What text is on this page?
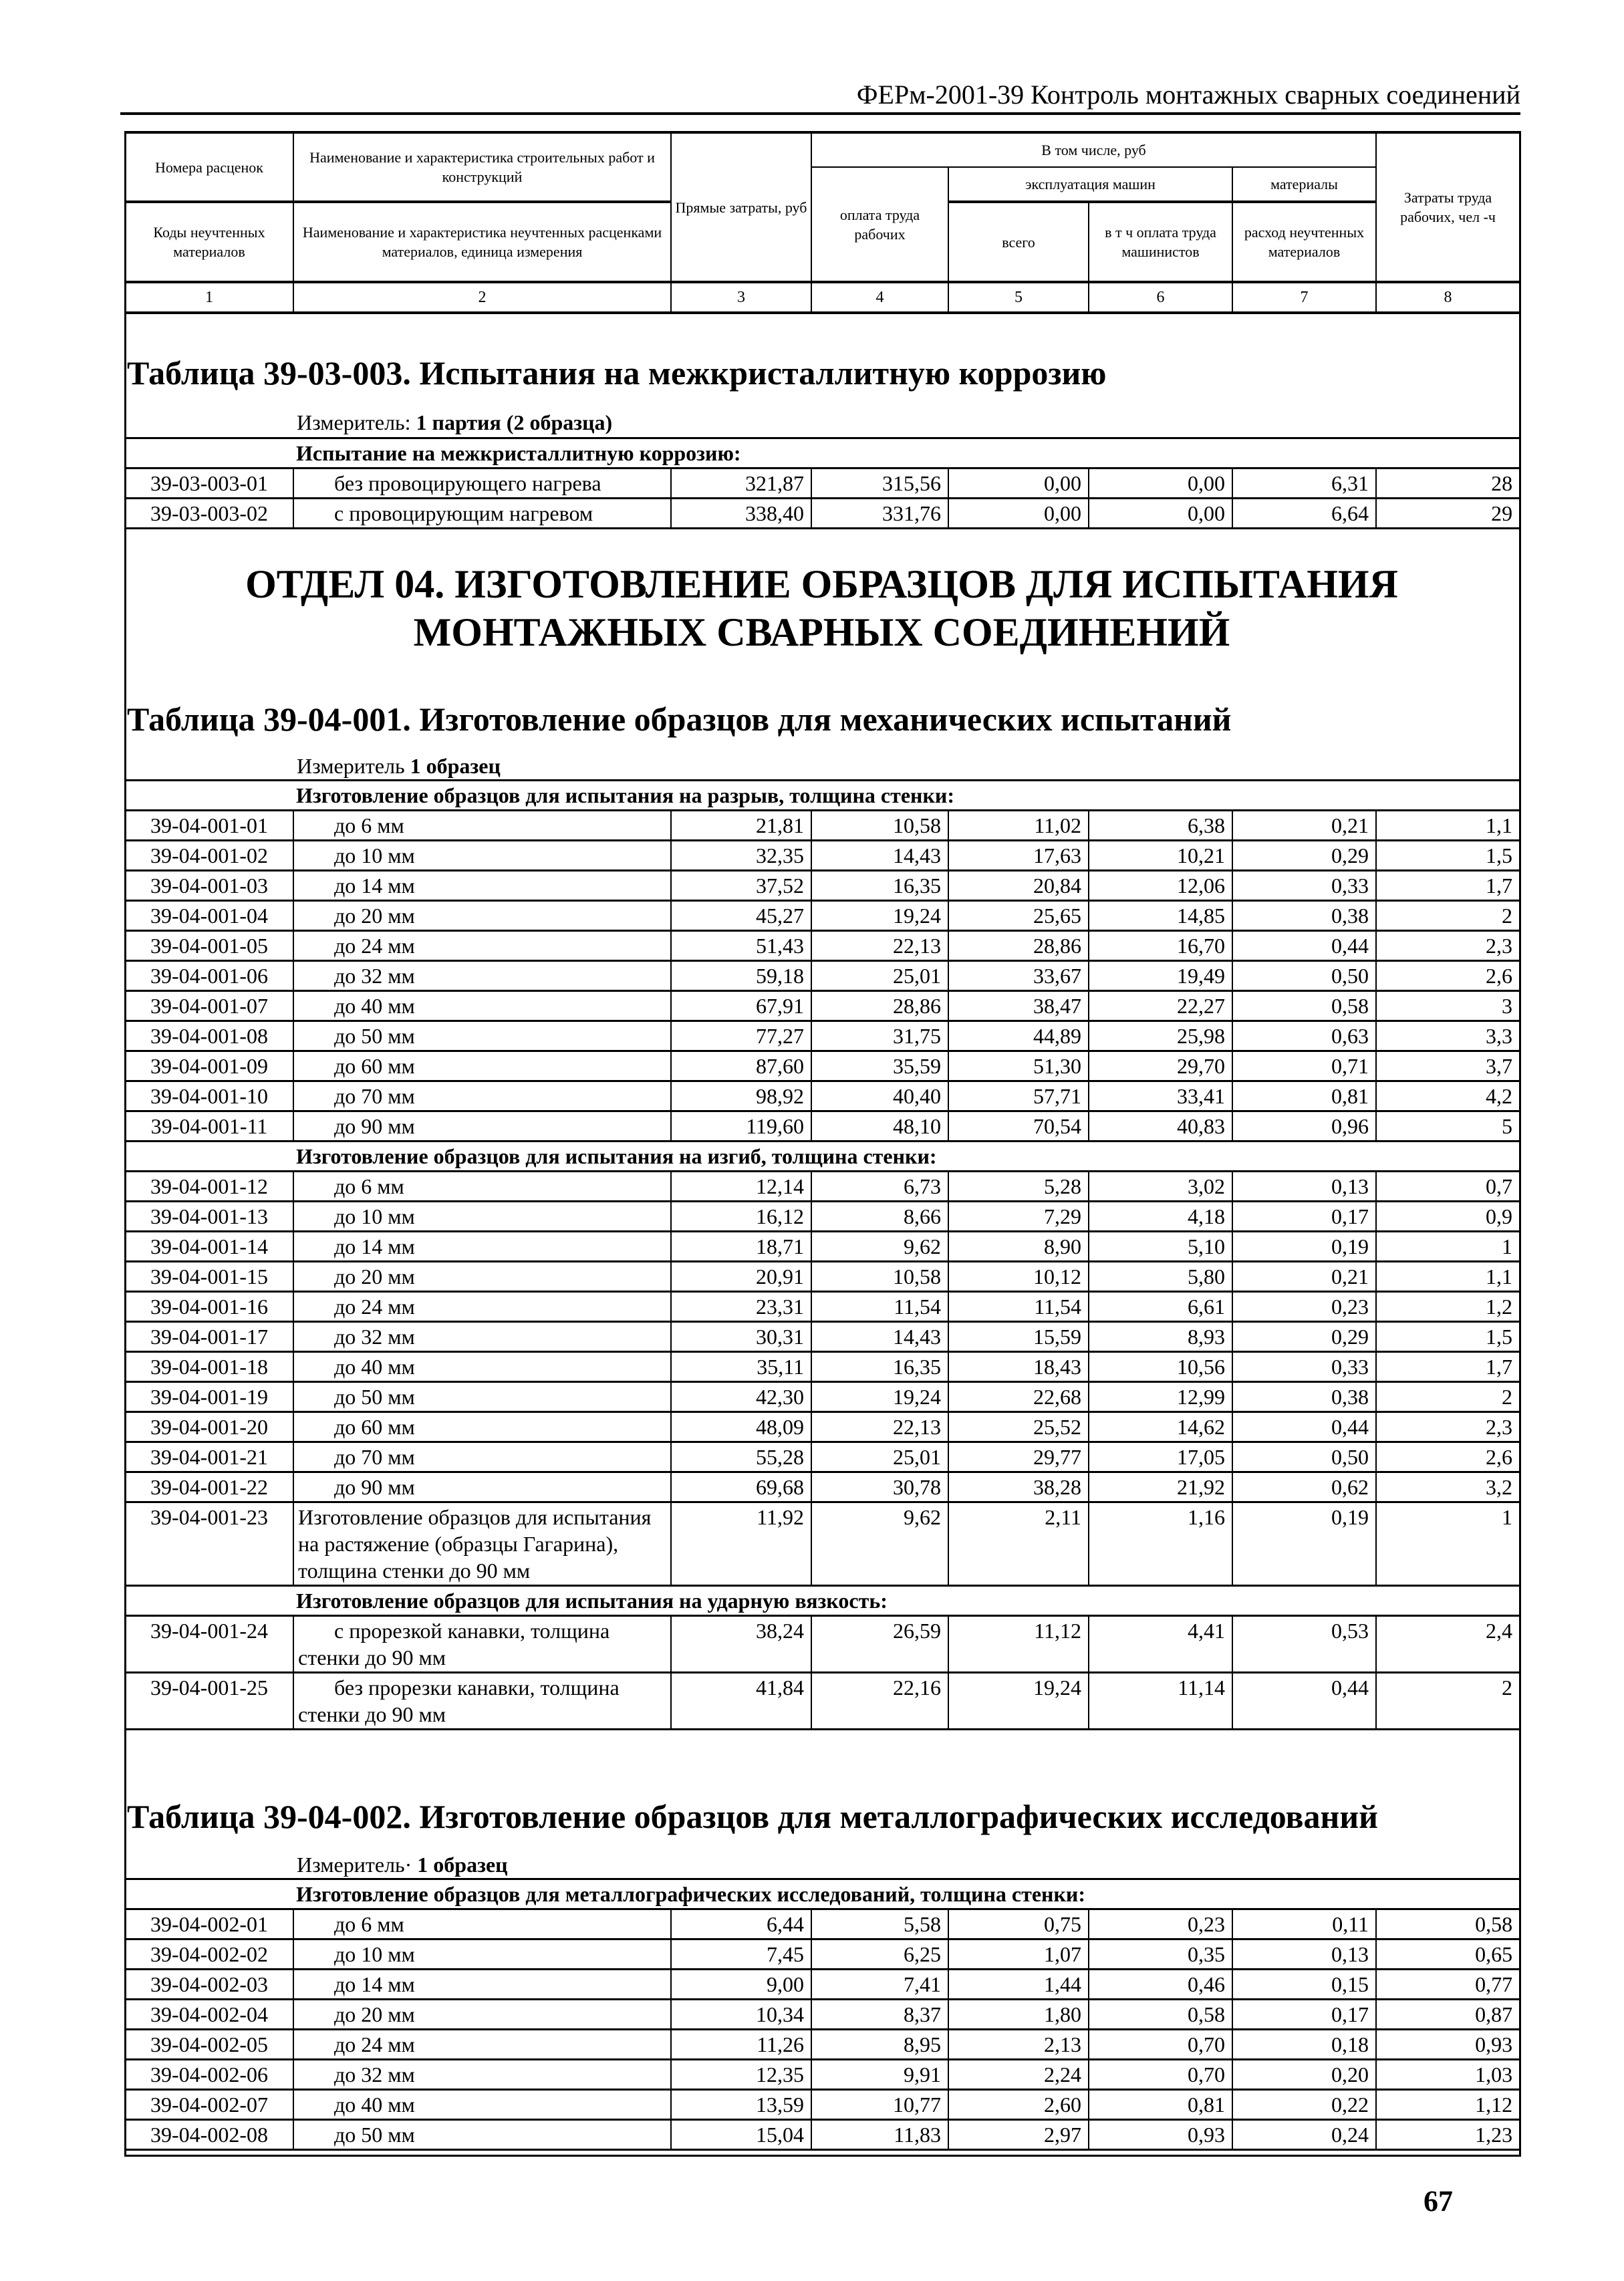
ФЕРм-2001-39 Контроль монтажных сварных соединений
Номера расценок	Наименование и характеристика строительных работ и конструкций	Прямые затраты, руб	В том числе, руб				Затраты труда рабочих, чел -ч
			оплата труда рабочих	эксплуатация машин		материалы	
Коды неучтенных материалов	Наименование и характеристика неучтенных расценками материалов, единица измерения			всего	в т ч оплата труда машинистов	расход неучтенных материалов	

1	2	3	4	5	6	7	8
Таблица 39-03-003. Испытания на межкристаллитную коррозию
Измеритель: 1 партия (2 образца)
Испытание на межкристаллитную коррозию:							
39-03-003-01	без провоцирующего нагрева	321,87	315,56	0,00	0,00	6,31	28
39-03-003-02	с провоцирующим нагревом	338,40	331,76	0,00	0,00	6,64	29
ОТДЕЛ 04. ИЗГОТОВЛЕНИЕ ОБРАЗЦОВ ДЛЯ ИСПЫТАНИЯ
МОНТАЖНЫХ СВАРНЫХ СОЕДИНЕНИЙ
Таблица 39-04-001. Изготовление образцов для механических испытаний
Измеритель 1 образец
Изготовление образцов для испытания на разрыв, толщина стенки:							
39-04-001-01	до 6 мм	21,81	10,58	11,02	6,38	0,21	1,1
39-04-001-02	до 10 мм	32,35	14,43	17,63	10,21	0,29	1,5
39-04-001-03	до 14 мм	37,52	16,35	20,84	12,06	0,33	1,7
39-04-001-04	до 20 мм	45,27	19,24	25,65	14,85	0,38	2
39-04-001-05	до 24 мм	51,43	22,13	28,86	16,70	0,44	2,3
39-04-001-06	до 32 мм	59,18	25,01	33,67	19,49	0,50	2,6
39-04-001-07	до 40 мм	67,91	28,86	38,47	22,27	0,58	3
39-04-001-08	до 50 мм	77,27	31,75	44,89	25,98	0,63	3,3
39-04-001-09	до 60 мм	87,60	35,59	51,30	29,70	0,71	3,7
39-04-001-10	до 70 мм	98,92	40,40	57,71	33,41	0,81	4,2
39-04-001-11	до 90 мм	119,60	48,10	70,54	40,83	0,96	5
Изготовление образцов для испытания на изгиб, толщина стенки:							
39-04-001-12	до 6 мм	12,14	6,73	5,28	3,02	0,13	0,7
39-04-001-13	до 10 мм	16,12	8,66	7,29	4,18	0,17	0,9
39-04-001-14	до 14 мм	18,71	9,62	8,90	5,10	0,19	1
39-04-001-15	до 20 мм	20,91	10,58	10,12	5,80	0,21	1,1
39-04-001-16	до 24 мм	23,31	11,54	11,54	6,61	0,23	1,2
39-04-001-17	до 32 мм	30,31	14,43	15,59	8,93	0,29	1,5
39-04-001-18	до 40 мм	35,11	16,35	18,43	10,56	0,33	1,7
39-04-001-19	до 50 мм	42,30	19,24	22,68	12,99	0,38	2
39-04-001-20	до 60 мм	48,09	22,13	25,52	14,62	0,44	2,3
39-04-001-21	до 70 мм	55,28	25,01	29,77	17,05	0,50	2,6
39-04-001-22	до 90 мм	69,68	30,78	38,28	21,92	0,62	3,2
39-04-001-23	Изготовление образцов для испытания на растяжение (образцы Гагарина), толщина стенки до 90 мм	11,92	9,62	2,11	1,16	0,19	1
Изготовление образцов для испытания на ударную вязкость:							
39-04-001-24	с прорезкой канавки, толщина стенки до 90 мм	38,24	26,59	11,12	4,41	0,53	2,4
39-04-001-25	без прорезки канавки, толщина стенки до 90 мм	41,84	22,16	19,24	11,14	0,44	2
Таблица 39-04-002. Изготовление образцов для металлографических исследований
Измеритель· 1 образец
Изготовление образцов для металлографических исследований, толщина стенки:							
39-04-002-01	до 6 мм	6,44	5,58	0,75	0,23	0,11	0,58
39-04-002-02	до 10 мм	7,45	6,25	1,07	0,35	0,13	0,65
39-04-002-03	до 14 мм	9,00	7,41	1,44	0,46	0,15	0,77
39-04-002-04	до 20 мм	10,34	8,37	1,80	0,58	0,17	0,87
39-04-002-05	до 24 мм	11,26	8,95	2,13	0,70	0,18	0,93
39-04-002-06	до 32 мм	12,35	9,91	2,24	0,70	0,20	1,03
39-04-002-07	до 40 мм	13,59	10,77	2,60	0,81	0,22	1,12
39-04-002-08	до 50 мм	15,04	11,83	2,97	0,93	0,24	1,23
67
